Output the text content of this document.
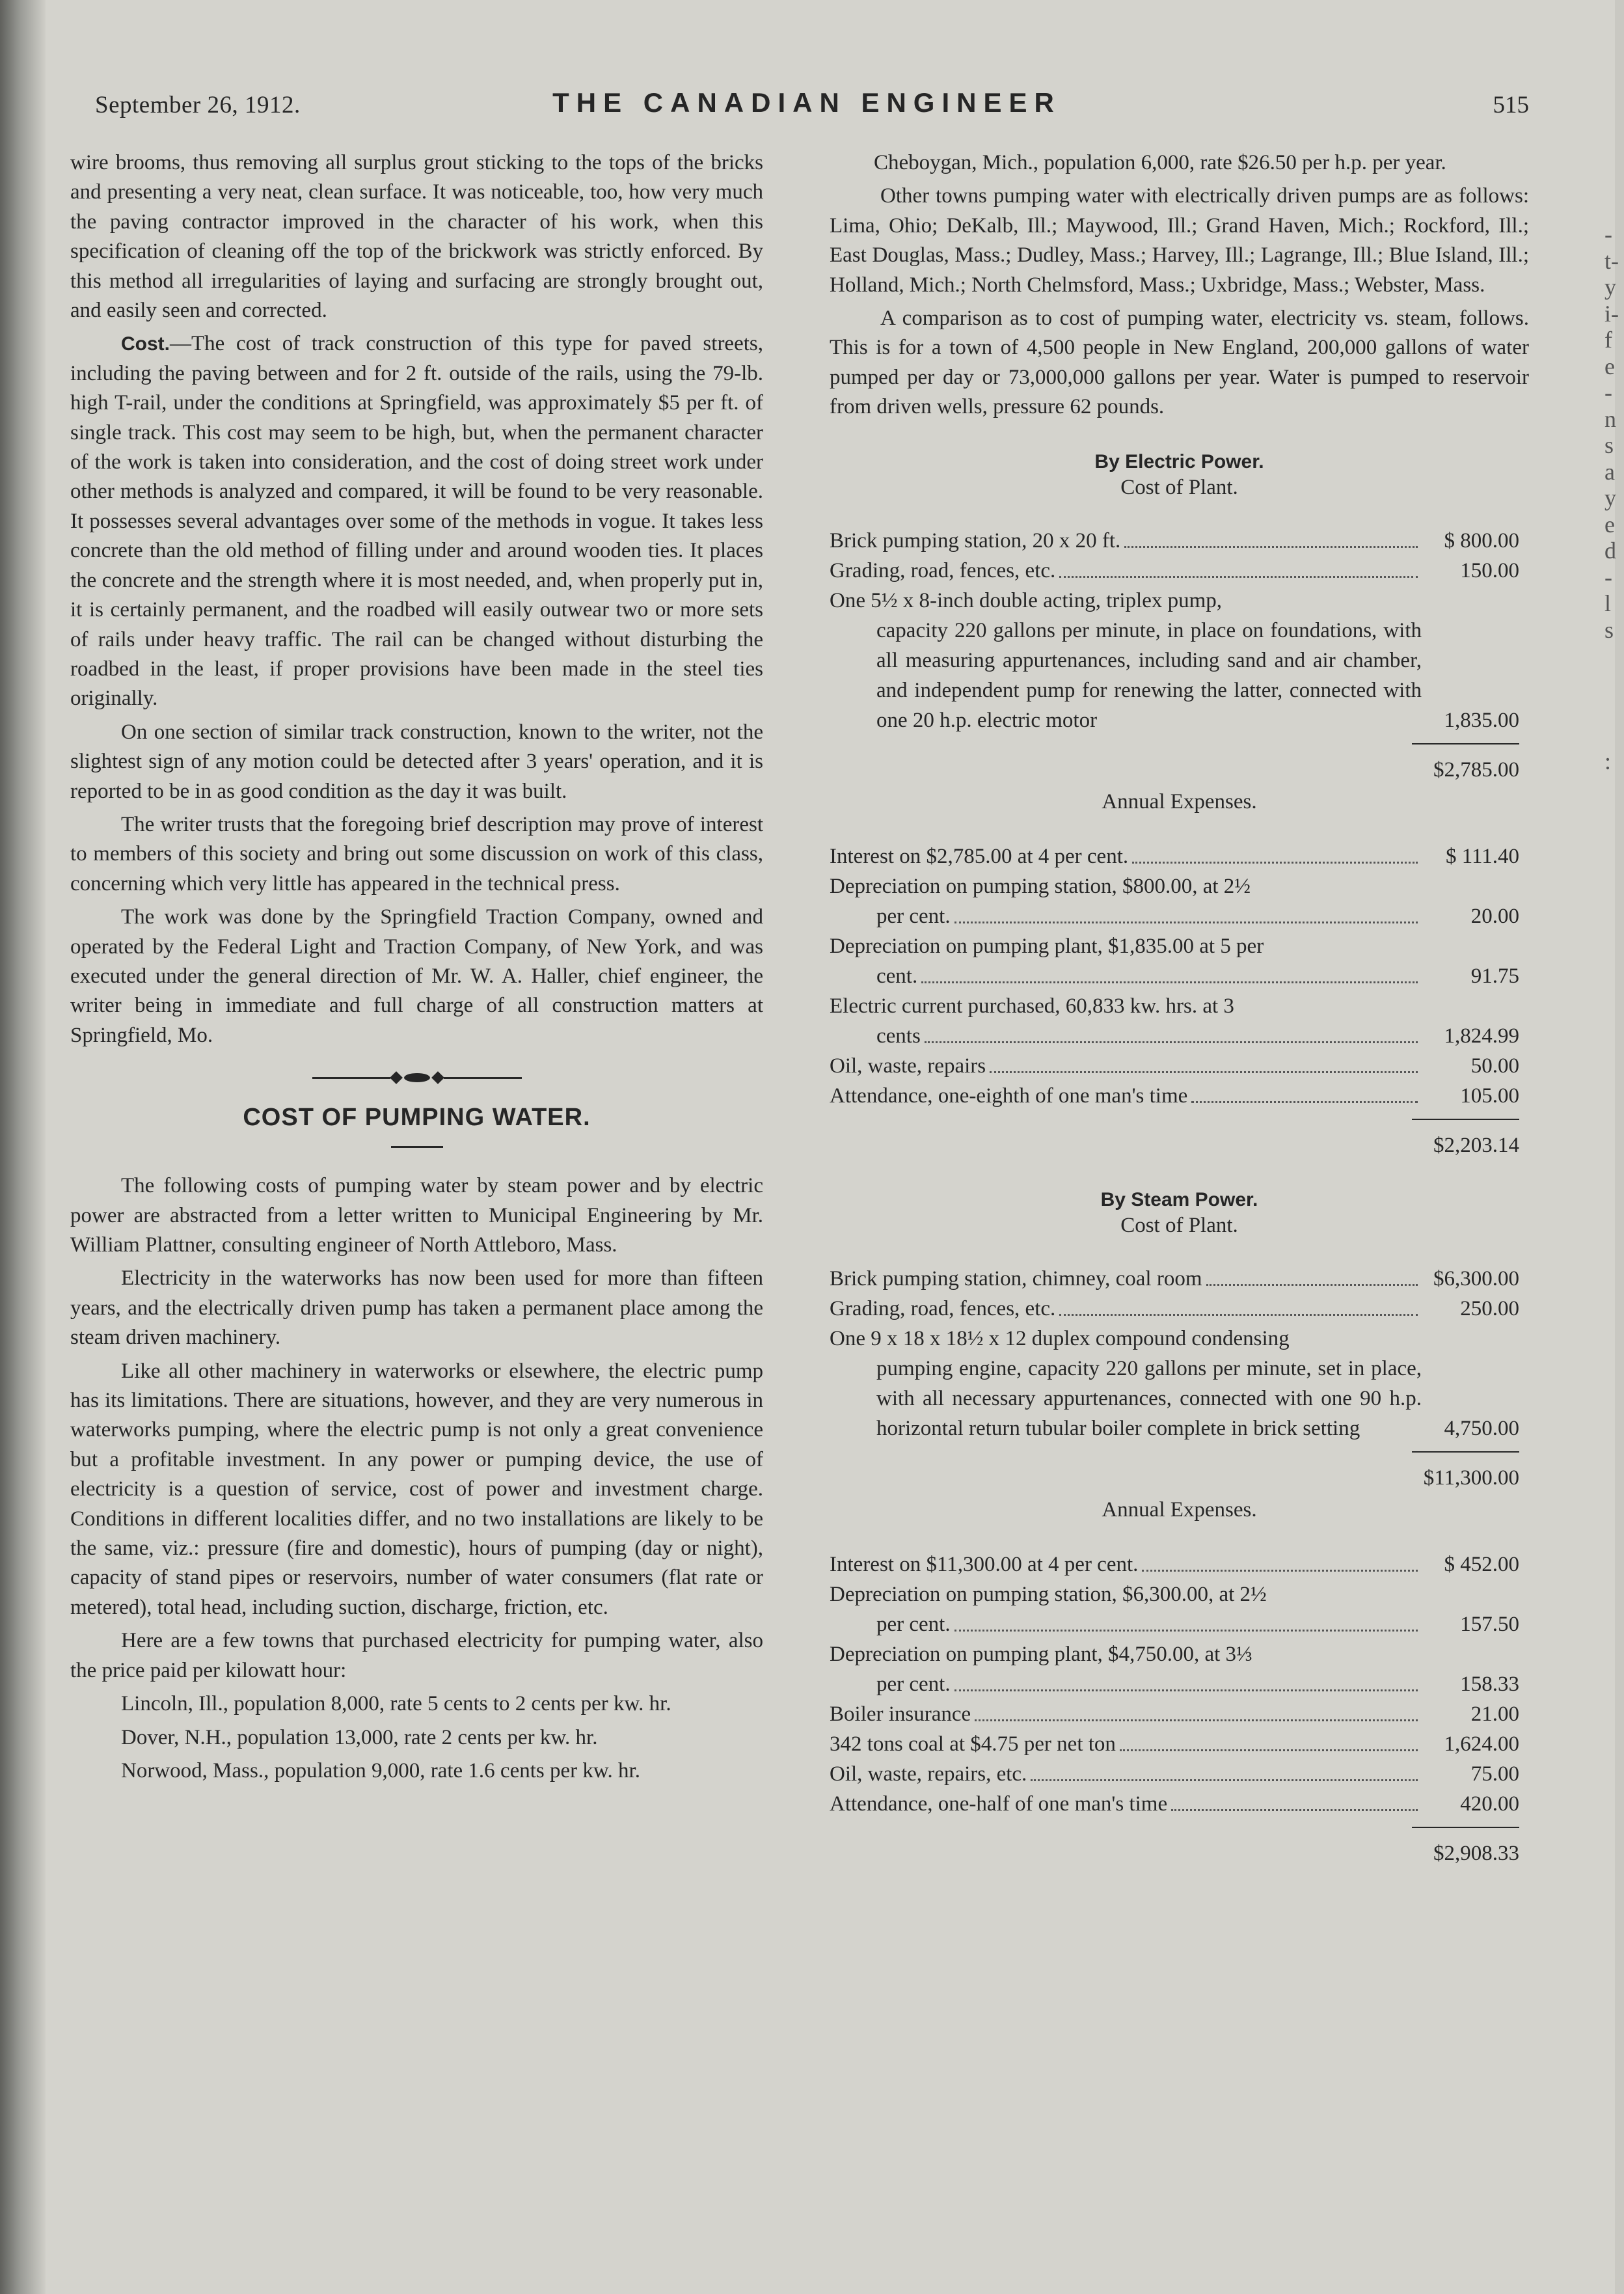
-
t-
y
i-
f
e
-
n
s
a
y
e
d
-
l
s
:
September 26, 1912.	THE CANADIAN ENGINEER	515

wire brooms, thus removing all surplus grout sticking to the tops of the bricks and presenting a very neat, clean surface. It was noticeable, too, how very much the paving contractor improved in the character of his work, when this specification of cleaning off the top of the brickwork was strictly enforced. By this method all irregularities of laying and surfacing are strongly brought out, and easily seen and corrected.

Cost.—The cost of track construction of this type for paved streets, including the paving between and for 2 ft. outside of the rails, using the 79-lb. high T-rail, under the conditions at Springfield, was approximately $5 per ft. of single track. This cost may seem to be high, but, when the permanent character of the work is taken into consideration, and the cost of doing street work under other methods is analyzed and compared, it will be found to be very reasonable. It possesses several advantages over some of the methods in vogue. It takes less concrete than the old method of filling under and around wooden ties. It places the concrete and the strength where it is most needed, and, when properly put in, it is certainly permanent, and the roadbed will easily outwear two or more sets of rails under heavy traffic. The rail can be changed without disturbing the roadbed in the least, if proper provisions have been made in the steel ties originally.

On one section of similar track construction, known to the writer, not the slightest sign of any motion could be detected after 3 years' operation, and it is reported to be in as good condition as the day it was built.

The writer trusts that the foregoing brief description may prove of interest to members of this society and bring out some discussion on work of this class, concerning which very little has appeared in the technical press.

The work was done by the Springfield Traction Company, owned and operated by the Federal Light and Traction Company, of New York, and was executed under the general direction of Mr. W. A. Haller, chief engineer, the writer being in immediate and full charge of all construction matters at Springfield, Mo.

COST OF PUMPING WATER.

The following costs of pumping water by steam power and by electric power are abstracted from a letter written to Municipal Engineering by Mr. William Plattner, consulting engineer of North Attleboro, Mass.

Electricity in the waterworks has now been used for more than fifteen years, and the electrically driven pump has taken a permanent place among the steam driven machinery.

Like all other machinery in waterworks or elsewhere, the electric pump has its limitations. There are situations, however, and they are very numerous in waterworks pumping, where the electric pump is not only a great convenience but a profitable investment. In any power or pumping device, the use of electricity is a question of service, cost of power and investment charge. Conditions in different localities differ, and no two installations are likely to be the same, viz.: pressure (fire and domestic), hours of pumping (day or night), capacity of stand pipes or reservoirs, number of water consumers (flat rate or metered), total head, including suction, discharge, friction, etc.

Here are a few towns that purchased electricity for pumping water, also the price paid per kilowatt hour:

Lincoln, Ill., population 8,000, rate 5 cents to 2 cents per kw. hr.

Dover, N.H., population 13,000, rate 2 cents per kw. hr.

Norwood, Mass., population 9,000, rate 1.6 cents per kw. hr.

Cheboygan, Mich., population 6,000, rate $26.50 per h.p. per year.

Other towns pumping water with electrically driven pumps are as follows: Lima, Ohio; DeKalb, Ill.; Maywood, Ill.; Grand Haven, Mich.; Rockford, Ill.; East Douglas, Mass.; Dudley, Mass.; Harvey, Ill.; Lagrange, Ill.; Blue Island, Ill.; Holland, Mich.; North Chelmsford, Mass.; Uxbridge, Mass.; Webster, Mass.

A comparison as to cost of pumping water, electricity vs. steam, follows. This is for a town of 4,500 people in New England, 200,000 gallons of water pumped per day or 73,000,000 gallons per year. Water is pumped to reservoir from driven wells, pressure 62 pounds.

By Electric Power.
Cost of Plant.
Brick pumping station, 20 x 20 ft.	$ 800.00
Grading, road, fences, etc.	150.00
One 5½ x 8-inch double acting, triplex pump,
capacity 220 gallons per minute, in place on foundations, with all measuring appurtenances, including sand and air chamber, and independent pump for renewing the latter, connected with one 20 h.p. electric motor	1,835.00
$2,785.00
Annual Expenses.
Interest on $2,785.00 at 4 per cent.	$ 111.40
Depreciation on pumping station, $800.00, at 2½
per cent.	20.00
Depreciation on pumping plant, $1,835.00 at 5 per
cent.	91.75
Electric current purchased, 60,833 kw. hrs. at 3
cents	1,824.99
Oil, waste, repairs	50.00
Attendance, one-eighth of one man's time	105.00
$2,203.14
By Steam Power.
Cost of Plant.
Brick pumping station, chimney, coal room	$6,300.00
Grading, road, fences, etc.	250.00
One 9 x 18 x 18½ x 12 duplex compound condensing
pumping engine, capacity 220 gallons per minute, set in place, with all necessary appurtenances, connected with one 90 h.p. horizontal return tubular boiler complete in brick setting	4,750.00
$11,300.00
Annual Expenses.
Interest on $11,300.00 at 4 per cent.	$ 452.00
Depreciation on pumping station, $6,300.00, at 2½
per cent.	157.50
Depreciation on pumping plant, $4,750.00, at 3⅓
per cent.	158.33
Boiler insurance	21.00
342 tons coal at $4.75 per net ton	1,624.00
Oil, waste, repairs, etc.	75.00
Attendance, one-half of one man's time	420.00
$2,908.33
